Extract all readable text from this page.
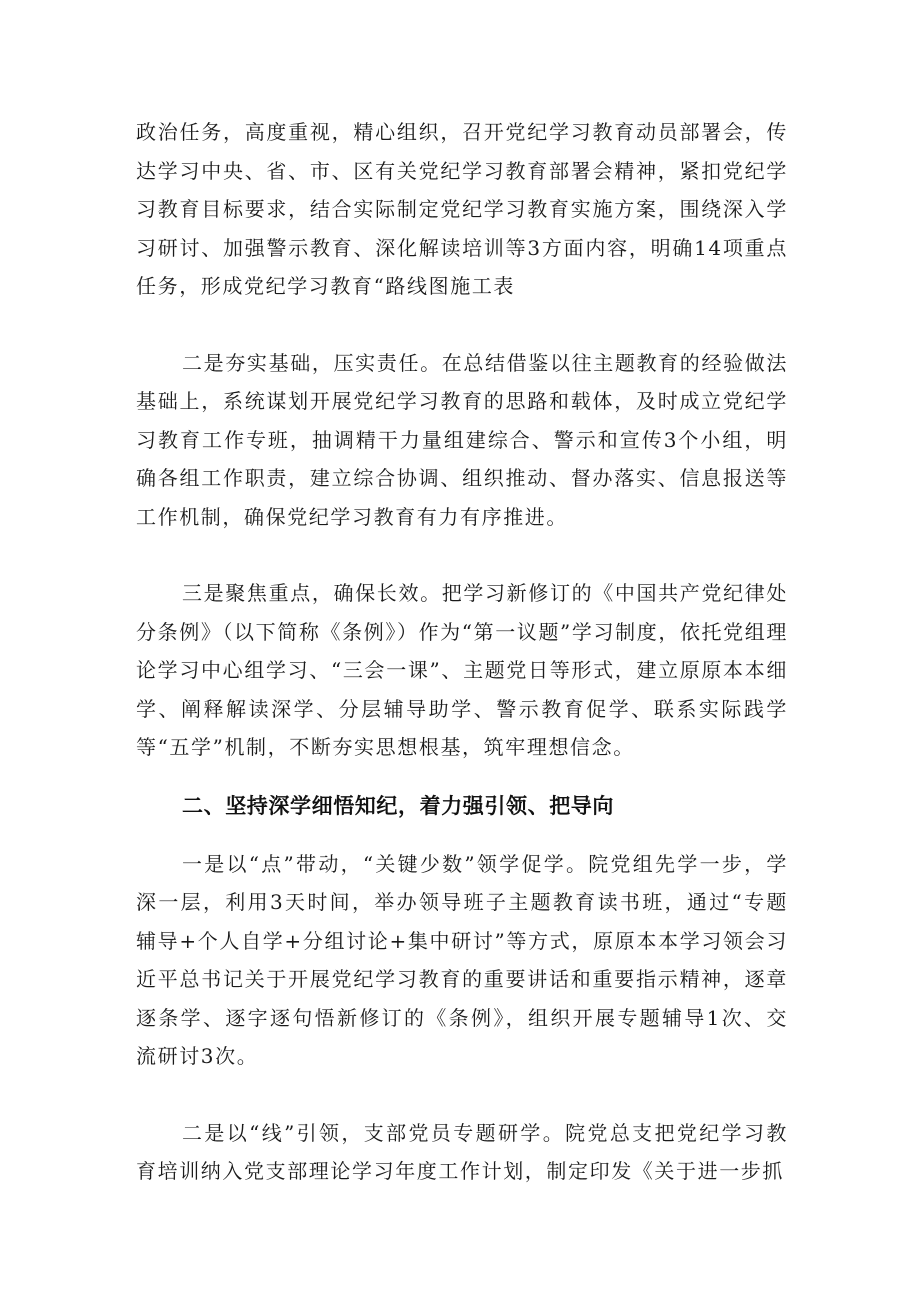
政治任务，高度重视，精心组织，召开党纪学习教育动员部署会，传达学习中央、省、市、区有关党纪学习教育部署会精神，紧扣党纪学习教育目标要求，结合实际制定党纪学习教育实施方案，围绕深入学习研讨、加强警示教育、深化解读培训等3方面内容，明确14项重点任务，形成党纪学习教育“路线图施工表

二是夯实基础，压实责任。在总结借鉴以往主题教育的经验做法基础上，系统谋划开展党纪学习教育的思路和载体，及时成立党纪学习教育工作专班，抽调精干力量组建综合、警示和宣传3个小组，明确各组工作职责，建立综合协调、组织推动、督办落实、信息报送等工作机制，确保党纪学习教育有力有序推进。

三是聚焦重点，确保长效。把学习新修订的《中国共产党纪律处分条例》（以下简称《条例》）作为“第一议题”学习制度，依托党组理论学习中心组学习、“三会一课”、主题党日等形式，建立原原本本细学、阐释解读深学、分层辅导助学、警示教育促学、联系实际践学等“五学”机制，不断夯实思想根基，筑牢理想信念。

二、坚持深学细悟知纪，着力强引领、把导向

一是以“点”带动，“关键少数”领学促学。院党组先学一步，学深一层，利用3天时间，举办领导班子主题教育读书班，通过“专题辅导+个人自学+分组讨论+集中研讨”等方式，原原本本学习领会习近平总书记关于开展党纪学习教育的重要讲话和重要指示精神，逐章逐条学、逐字逐句悟新修订的《条例》，组织开展专题辅导1次、交流研讨3次。

二是以“线”引领，支部党员专题研学。院党总支把党纪学习教育培训纳入党支部理论学习年度工作计划，制定印发《关于进一步抓
